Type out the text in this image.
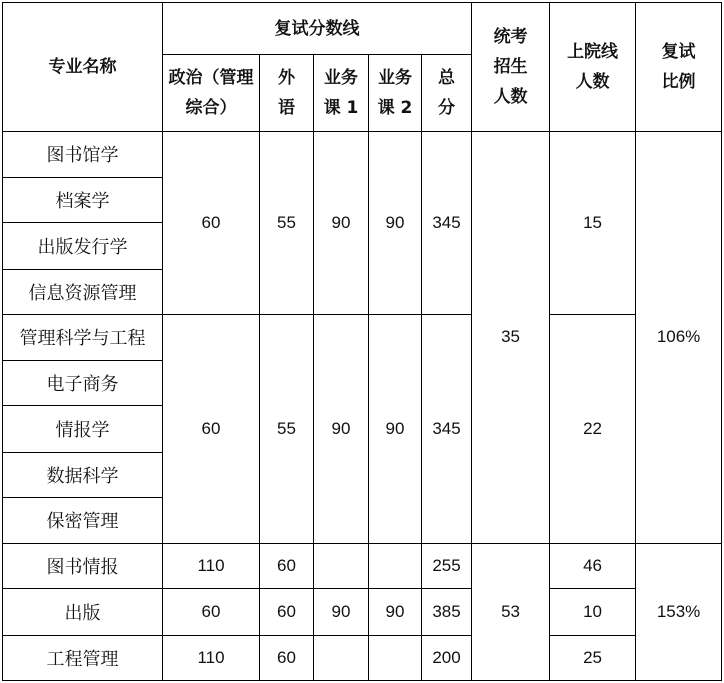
专业名称	复试分数线					统考招生人数	上院线人数	复试比例
	政治（管理综合）	外语	业务课 1	业务课 2	总分			
图书馆学	60	55	90	90	345	35	15	106%
档案学								
出版发行学								
信息资源管理								
管理科学与工程	60	55	90	90	345		22	
电子商务								
情报学								
数据科学								
保密管理								
图书情报	110	60			255	53	46	153%
出版	60	60	90	90	385		10	
工程管理	110	60			200		25	
